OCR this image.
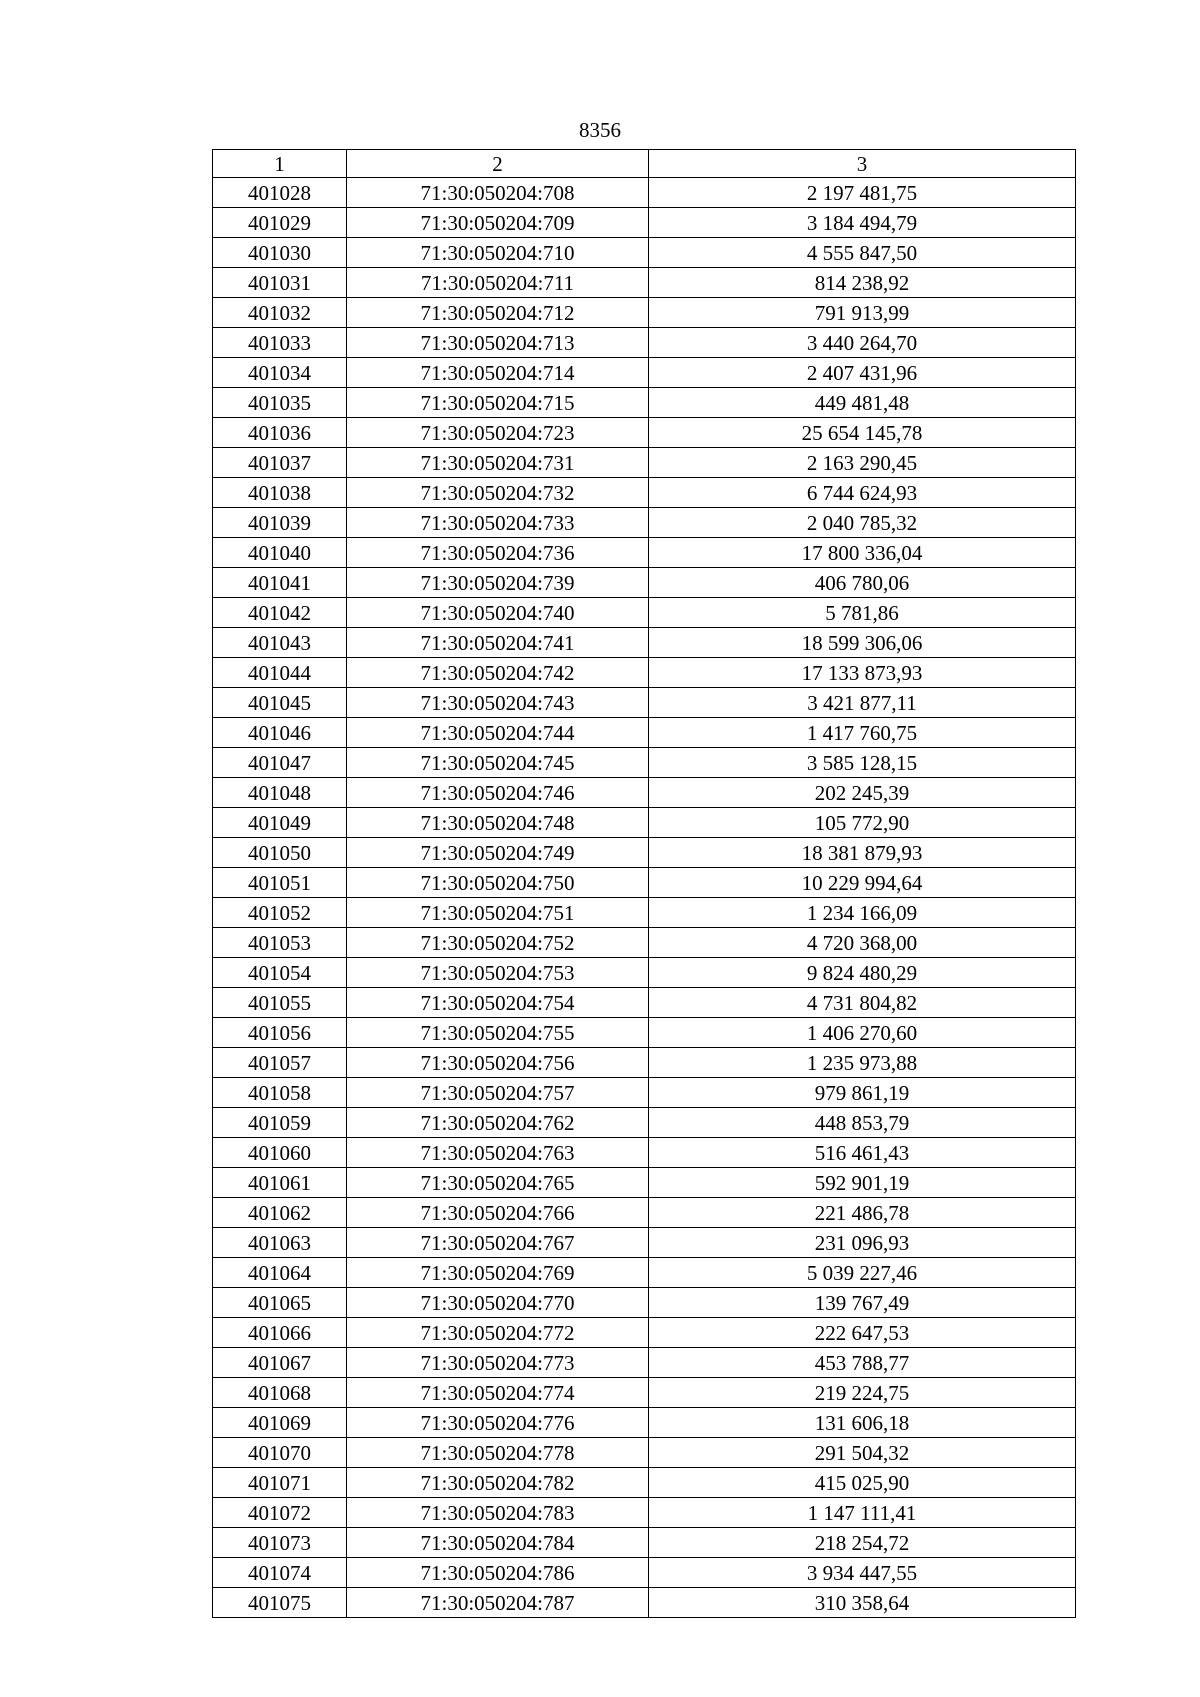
8356
1	2	3
401028	71:30:050204:708	2 197 481,75
401029	71:30:050204:709	3 184 494,79
401030	71:30:050204:710	4 555 847,50
401031	71:30:050204:711	814 238,92
401032	71:30:050204:712	791 913,99
401033	71:30:050204:713	3 440 264,70
401034	71:30:050204:714	2 407 431,96
401035	71:30:050204:715	449 481,48
401036	71:30:050204:723	25 654 145,78
401037	71:30:050204:731	2 163 290,45
401038	71:30:050204:732	6 744 624,93
401039	71:30:050204:733	2 040 785,32
401040	71:30:050204:736	17 800 336,04
401041	71:30:050204:739	406 780,06
401042	71:30:050204:740	5 781,86
401043	71:30:050204:741	18 599 306,06
401044	71:30:050204:742	17 133 873,93
401045	71:30:050204:743	3 421 877,11
401046	71:30:050204:744	1 417 760,75
401047	71:30:050204:745	3 585 128,15
401048	71:30:050204:746	202 245,39
401049	71:30:050204:748	105 772,90
401050	71:30:050204:749	18 381 879,93
401051	71:30:050204:750	10 229 994,64
401052	71:30:050204:751	1 234 166,09
401053	71:30:050204:752	4 720 368,00
401054	71:30:050204:753	9 824 480,29
401055	71:30:050204:754	4 731 804,82
401056	71:30:050204:755	1 406 270,60
401057	71:30:050204:756	1 235 973,88
401058	71:30:050204:757	979 861,19
401059	71:30:050204:762	448 853,79
401060	71:30:050204:763	516 461,43
401061	71:30:050204:765	592 901,19
401062	71:30:050204:766	221 486,78
401063	71:30:050204:767	231 096,93
401064	71:30:050204:769	5 039 227,46
401065	71:30:050204:770	139 767,49
401066	71:30:050204:772	222 647,53
401067	71:30:050204:773	453 788,77
401068	71:30:050204:774	219 224,75
401069	71:30:050204:776	131 606,18
401070	71:30:050204:778	291 504,32
401071	71:30:050204:782	415 025,90
401072	71:30:050204:783	1 147 111,41
401073	71:30:050204:784	218 254,72
401074	71:30:050204:786	3 934 447,55
401075	71:30:050204:787	310 358,64
